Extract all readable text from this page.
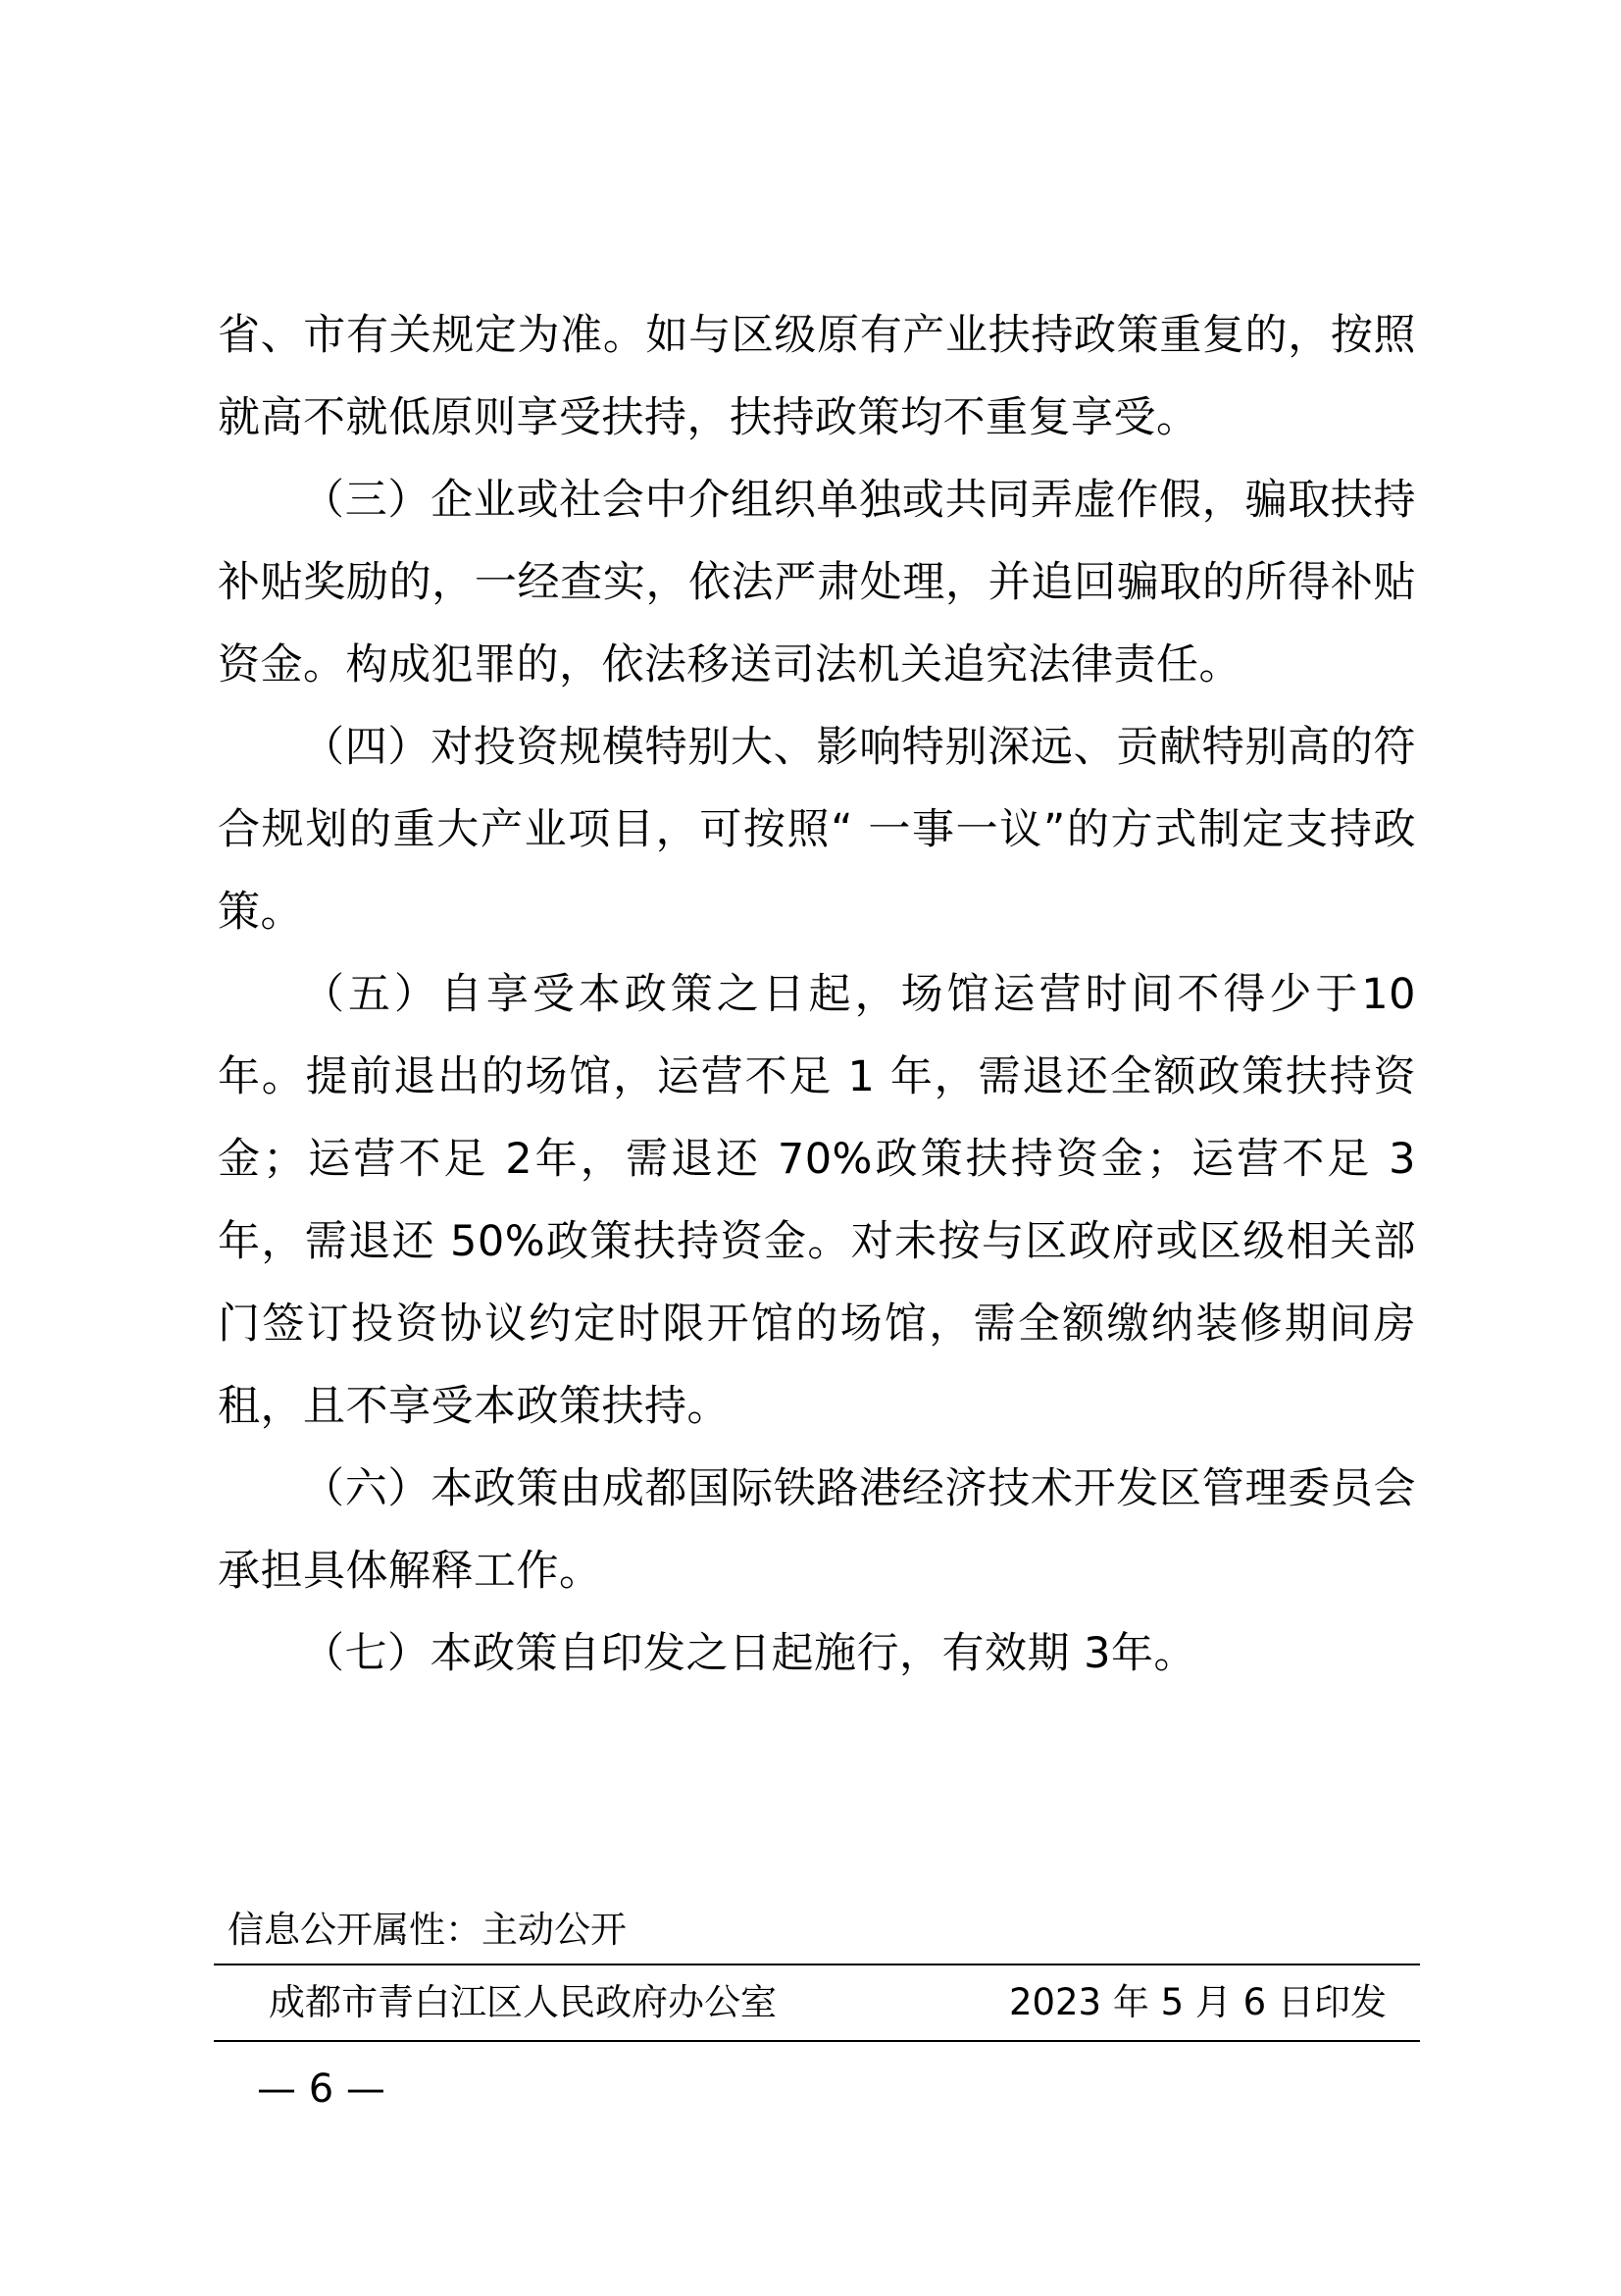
省、市有关规定为准。如与区级原有产业扶持政策重复的，按照就高不就低原则享受扶持，扶持政策均不重复享受。

（三）企业或社会中介组织单独或共同弄虚作假，骗取扶持补贴奖励的，一经查实，依法严肃处理，并追回骗取的所得补贴资金。构成犯罪的，依法移送司法机关追究法律责任。

（四）对投资规模特别大、影响特别深远、贡献特别高的符合规划的重大产业项目，可按照“ 一事一议”的方式制定支持政策。

（五）自享受本政策之日起，场馆运营时间不得少于10年。提前退出的场馆，运营不足 1 年，需退还全额政策扶持资金；运营不足 2年，需退还 70%政策扶持资金；运营不足 3年，需退还 50%政策扶持资金。对未按与区政府或区级相关部门签订投资协议约定时限开馆的场馆，需全额缴纳装修期间房租，且不享受本政策扶持。

（六）本政策由成都国际铁路港经济技术开发区管理委员会承担具体解释工作。

（七）本政策自印发之日起施行，有效期 3年。

信息公开属性：主动公开
成都市青白江区人民政府办公室	2023 年 5 月 6 日印发
— 6 —
